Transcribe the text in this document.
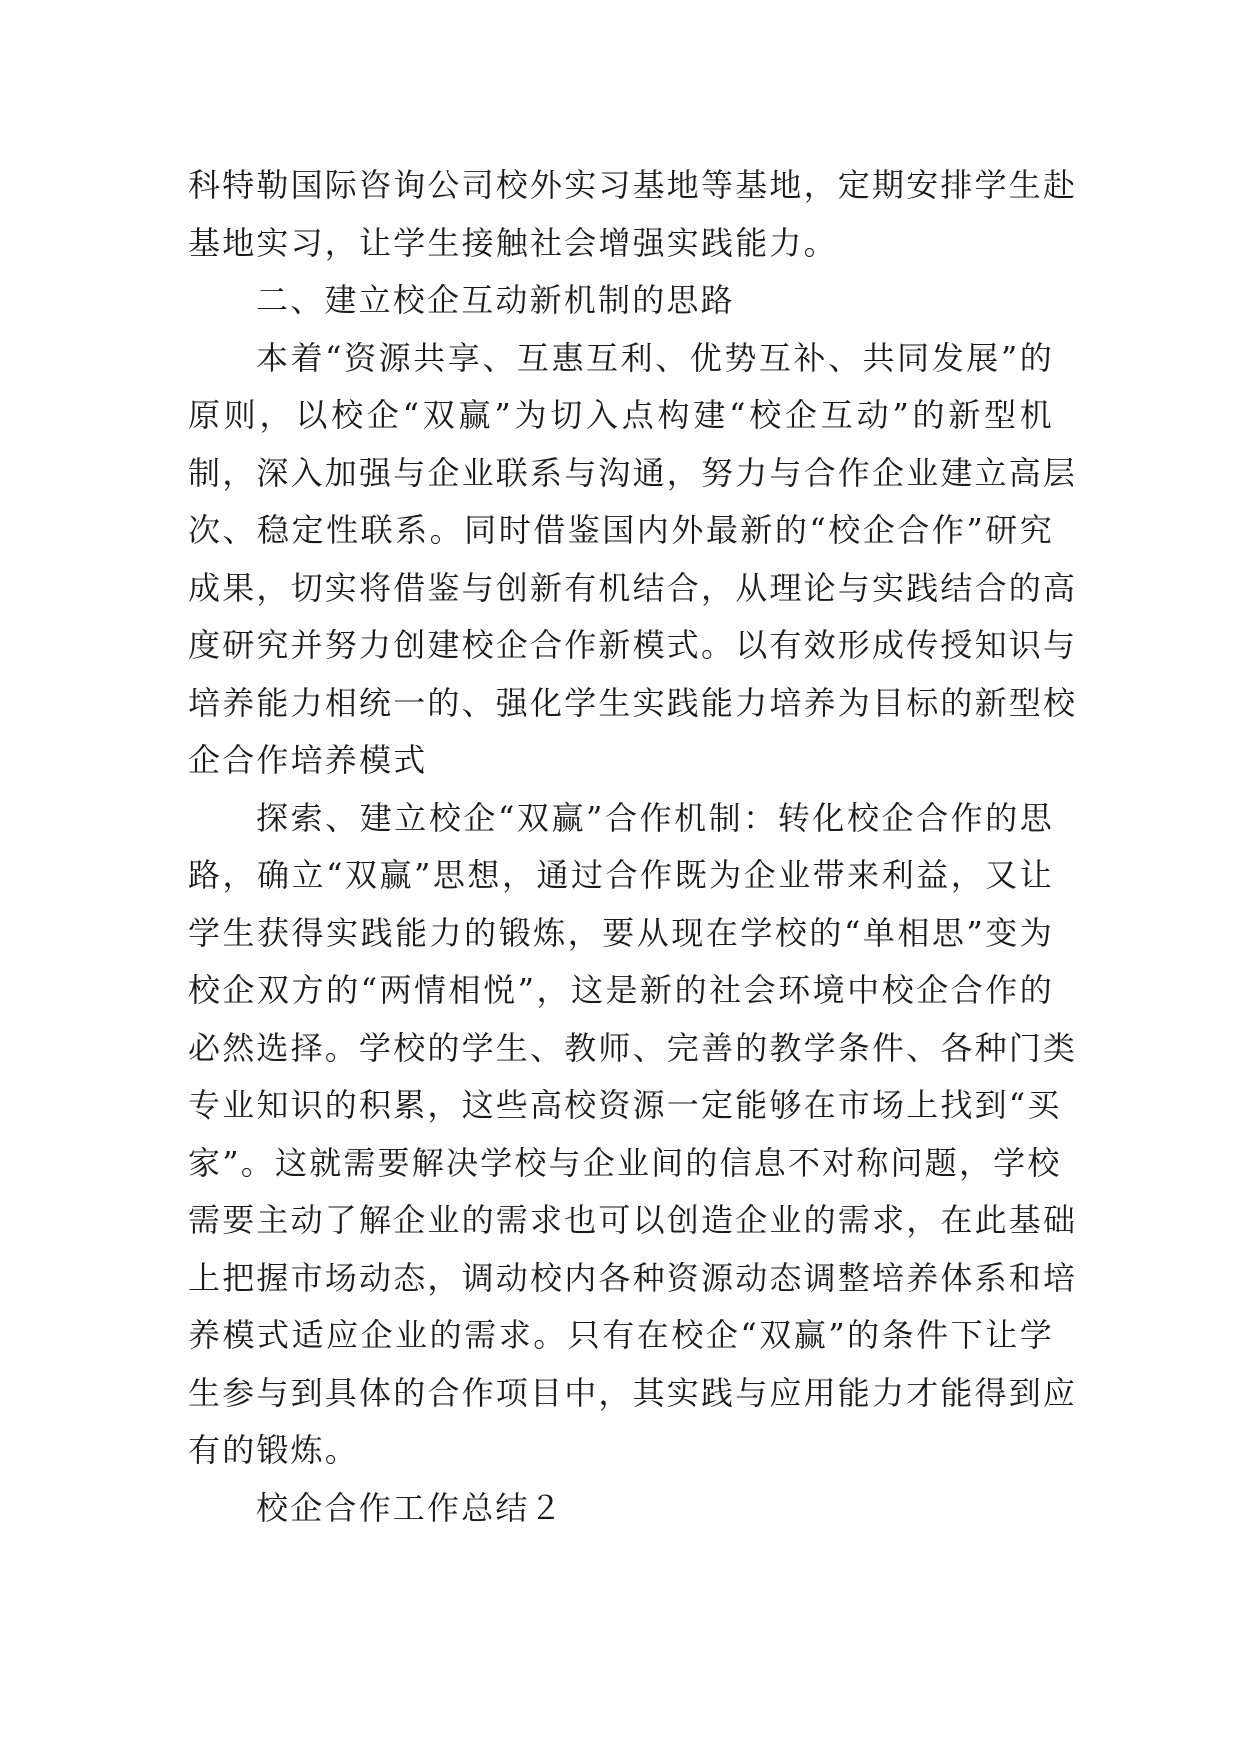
科特勒国际咨询公司校外实习基地等基地，定期安排学生赴
基地实习，让学生接触社会增强实践能力。
二、建立校企互动新机制的思路
本着“资源共享、互惠互利、优势互补、共同发展”的
原则，以校企“双赢”为切入点构建“校企互动”的新型机
制，深入加强与企业联系与沟通，努力与合作企业建立高层
次、稳定性联系。同时借鉴国内外最新的“校企合作”研究
成果，切实将借鉴与创新有机结合，从理论与实践结合的高
度研究并努力创建校企合作新模式。以有效形成传授知识与
培养能力相统一的、强化学生实践能力培养为目标的新型校
企合作培养模式
探索、建立校企“双赢”合作机制：转化校企合作的思
路，确立“双赢”思想，通过合作既为企业带来利益，又让
学生获得实践能力的锻炼，要从现在学校的“单相思”变为
校企双方的“两情相悦”，这是新的社会环境中校企合作的
必然选择。学校的学生、教师、完善的教学条件、各种门类
专业知识的积累，这些高校资源一定能够在市场上找到“买
家”。这就需要解决学校与企业间的信息不对称问题，学校
需要主动了解企业的需求也可以创造企业的需求，在此基础
上把握市场动态，调动校内各种资源动态调整培养体系和培
养模式适应企业的需求。只有在校企“双赢”的条件下让学
生参与到具体的合作项目中，其实践与应用能力才能得到应
有的锻炼。
校企合作工作总结２
